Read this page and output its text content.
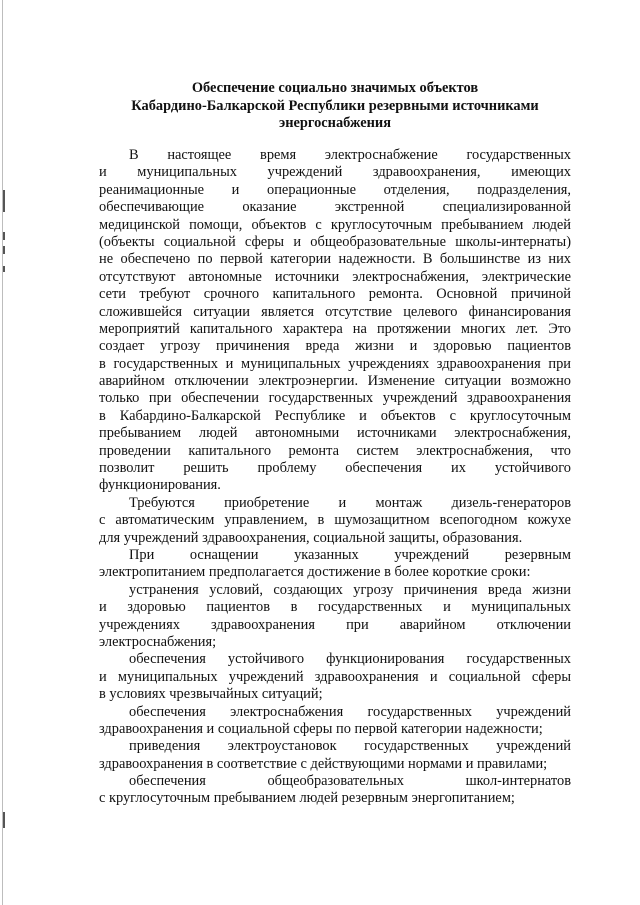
Обеспечение социально значимых объектов
Кабардино-Балкарской Республики резервными источниками
энергоснабжения
В настоящее время электроснабжение государственных
и муниципальных учреждений здравоохранения, имеющих
реанимационные и операционные отделения, подразделения,
обеспечивающие оказание экстренной специализированной
медицинской помощи, объектов с круглосуточным пребыванием людей
(объекты социальной сферы и общеобразовательные школы-интернаты)
не обеспечено по первой категории надежности. В большинстве из них
отсутствуют автономные источники электроснабжения, электрические
сети требуют срочного капитального ремонта. Основной причиной
сложившейся ситуации является отсутствие целевого финансирования
мероприятий капитального характера на протяжении многих лет. Это
создает угрозу причинения вреда жизни и здоровью пациентов
в государственных и муниципальных учреждениях здравоохранения при
аварийном отключении электроэнергии. Изменение ситуации возможно
только при обеспечении государственных учреждений здравоохранения
в Кабардино-Балкарской Республике и объектов с круглосуточным
пребыванием людей автономными источниками электроснабжения,
проведении капитального ремонта систем электроснабжения, что
позволит решить проблему обеспечения их устойчивого
функционирования.
Требуются приобретение и монтаж дизель-генераторов
с автоматическим управлением, в шумозащитном всепогодном кожухе
для учреждений здравоохранения, социальной защиты, образования.
При оснащении указанных учреждений резервным
электропитанием предполагается достижение в более короткие сроки:
устранения условий, создающих угрозу причинения вреда жизни
и здоровью пациентов в государственных и муниципальных
учреждениях здравоохранения при аварийном отключении
электроснабжения;
обеспечения устойчивого функционирования государственных
и муниципальных учреждений здравоохранения и социальной сферы
в условиях чрезвычайных ситуаций;
обеспечения электроснабжения государственных учреждений
здравоохранения и социальной сферы по первой категории надежности;
приведения электроустановок государственных учреждений
здравоохранения в соответствие с действующими нормами и правилами;
обеспечения общеобразовательных школ-интернатов
с круглосуточным пребыванием людей резервным энергопитанием;
